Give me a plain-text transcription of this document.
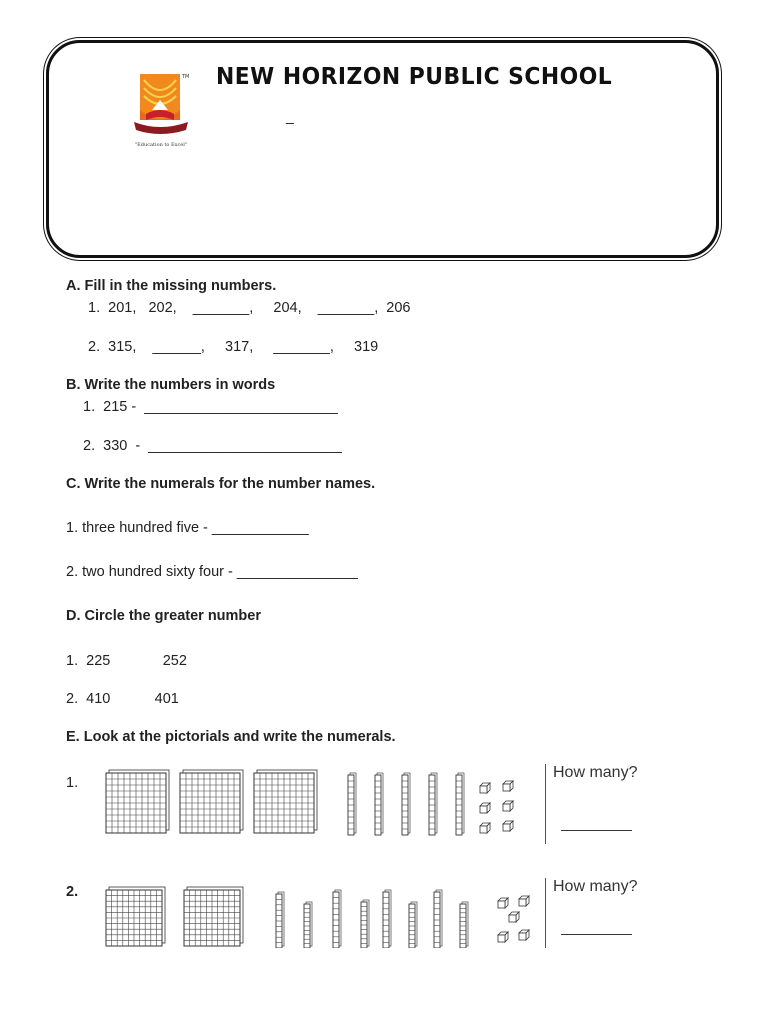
TM
"Education to Excel"
NEW HORIZON PUBLIC SCHOOL
_
A. Fill in the missing numbers.
1.  201,   202,    _______,     204,    _______,  206
2.  315,    ______,     317,     _______,     319
B. Write the numbers in words
1.  215 -  ________________________
2.  330  -  ________________________
C. Write the numerals for the number names.
1. three hundred five - ____________
2. two hundred sixty four - _______________
D. Circle the greater number
1.  225             252
2.  410           401
E. Look at the pictorials and write the numerals.
1.
2.
How many?
How many?
